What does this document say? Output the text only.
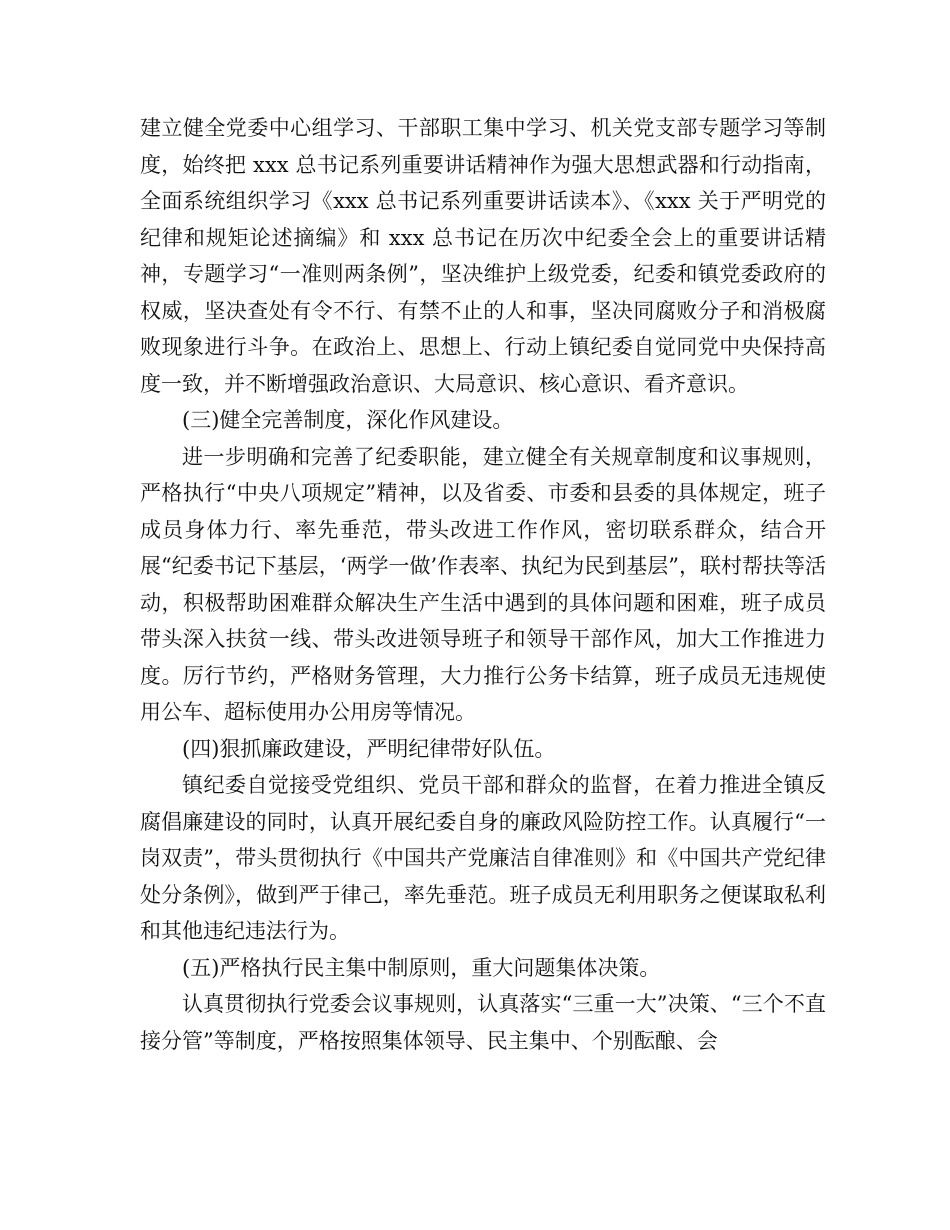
建立健全党委中心组学习、干部职工集中学习、机关党支部专题学习等制度，始终把 xxx 总书记系列重要讲话精神作为强大思想武器和行动指南，全面系统组织学习《xxx 总书记系列重要讲话读本》、《xxx 关于严明党的纪律和规矩论述摘编》和 xxx 总书记在历次中纪委全会上的重要讲话精神，专题学习“一准则两条例”，坚决维护上级党委，纪委和镇党委政府的权威，坚决查处有令不行、有禁不止的人和事，坚决同腐败分子和消极腐败现象进行斗争。在政治上、思想上、行动上镇纪委自觉同党中央保持高度一致，并不断增强政治意识、大局意识、核心意识、看齐意识。

(三)健全完善制度，深化作风建设。

进一步明确和完善了纪委职能，建立健全有关规章制度和议事规则，严格执行“中央八项规定”精神，以及省委、市委和县委的具体规定，班子成员身体力行、率先垂范，带头改进工作作风，密切联系群众，结合开展“纪委书记下基层，‘两学一做’作表率、执纪为民到基层”，联村帮扶等活动，积极帮助困难群众解决生产生活中遇到的具体问题和困难，班子成员带头深入扶贫一线、带头改进领导班子和领导干部作风，加大工作推进力度。厉行节约，严格财务管理，大力推行公务卡结算，班子成员无违规使用公车、超标使用办公用房等情况。

(四)狠抓廉政建设，严明纪律带好队伍。

镇纪委自觉接受党组织、党员干部和群众的监督，在着力推进全镇反腐倡廉建设的同时，认真开展纪委自身的廉政风险防控工作。认真履行“一岗双责”，带头贯彻执行《中国共产党廉洁自律准则》和《中国共产党纪律处分条例》，做到严于律己，率先垂范。班子成员无利用职务之便谋取私利和其他违纪违法行为。

(五)严格执行民主集中制原则，重大问题集体决策。

认真贯彻执行党委会议事规则，认真落实“三重一大”决策、“三个不直接分管”等制度，严格按照集体领导、民主集中、个别酝酿、会
